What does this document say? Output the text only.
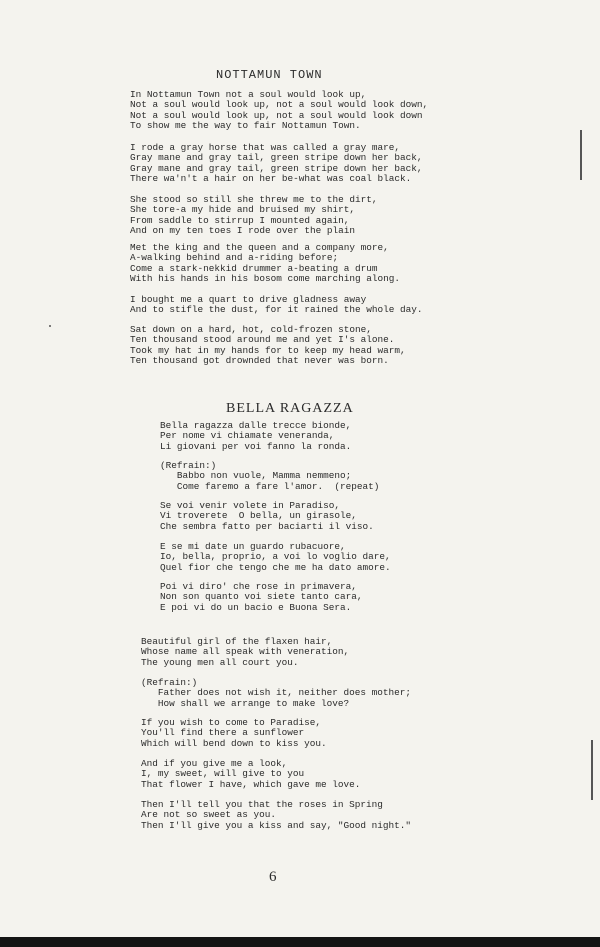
NOTTAMUN TOWN
In Nottamun Town not a soul would look up,
Not a soul would look up, not a soul would look down,
Not a soul would look up, not a soul would look down
To show me the way to fair Nottamun Town.
I rode a gray horse that was called a gray mare,
Gray mane and gray tail, green stripe down her back,
Gray mane and gray tail, green stripe down her back,
There wa'n't a hair on her be-what was coal black.
She stood so still she threw me to the dirt,
She tore-a my hide and bruised my shirt,
From saddle to stirrup I mounted again,
And on my ten toes I rode over the plain
Met the king and the queen and a company more,
A-walking behind and a-riding before;
Come a stark-nekkid drummer a-beating a drum
With his hands in his bosom come marching along.
I bought me a quart to drive gladness away
And to stifle the dust, for it rained the whole day.
Sat down on a hard, hot, cold-frozen stone,
Ten thousand stood around me and yet I's alone.
Took my hat in my hands for to keep my head warm,
Ten thousand got drownded that never was born.
BELLA RAGAZZA
Bella ragazza dalle trecce bionde,
Per nome vi chiamate veneranda,
Li giovani per voi fanno la ronda.
(Refrain:)
Babbo non vuole, Mamma nemmeno;
Come faremo a fare l'amor.  (repeat)
Se voi venir volete in Paradiso,
Vi troverete  O bella, un girasole,
Che sembra fatto per baciarti il viso.
E se mi date un guardo rubacuore,
Io, bella, proprio, a voi lo voglio dare,
Quel fior che tengo che me ha dato amore.
Poi vi diro' che rose in primavera,
Non son quanto voi siete tanto cara,
E poi vi do un bacio e Buona Sera.
Beautiful girl of the flaxen hair,
Whose name all speak with veneration,
The young men all court you.
(Refrain:)
Father does not wish it, neither does mother;
How shall we arrange to make love?
If you wish to come to Paradise,
You'll find there a sunflower
Which will bend down to kiss you.
And if you give me a look,
I, my sweet, will give to you
That flower I have, which gave me love.
Then I'll tell you that the roses in Spring
Are not so sweet as you.
Then I'll give you a kiss and say, "Good night."
6
